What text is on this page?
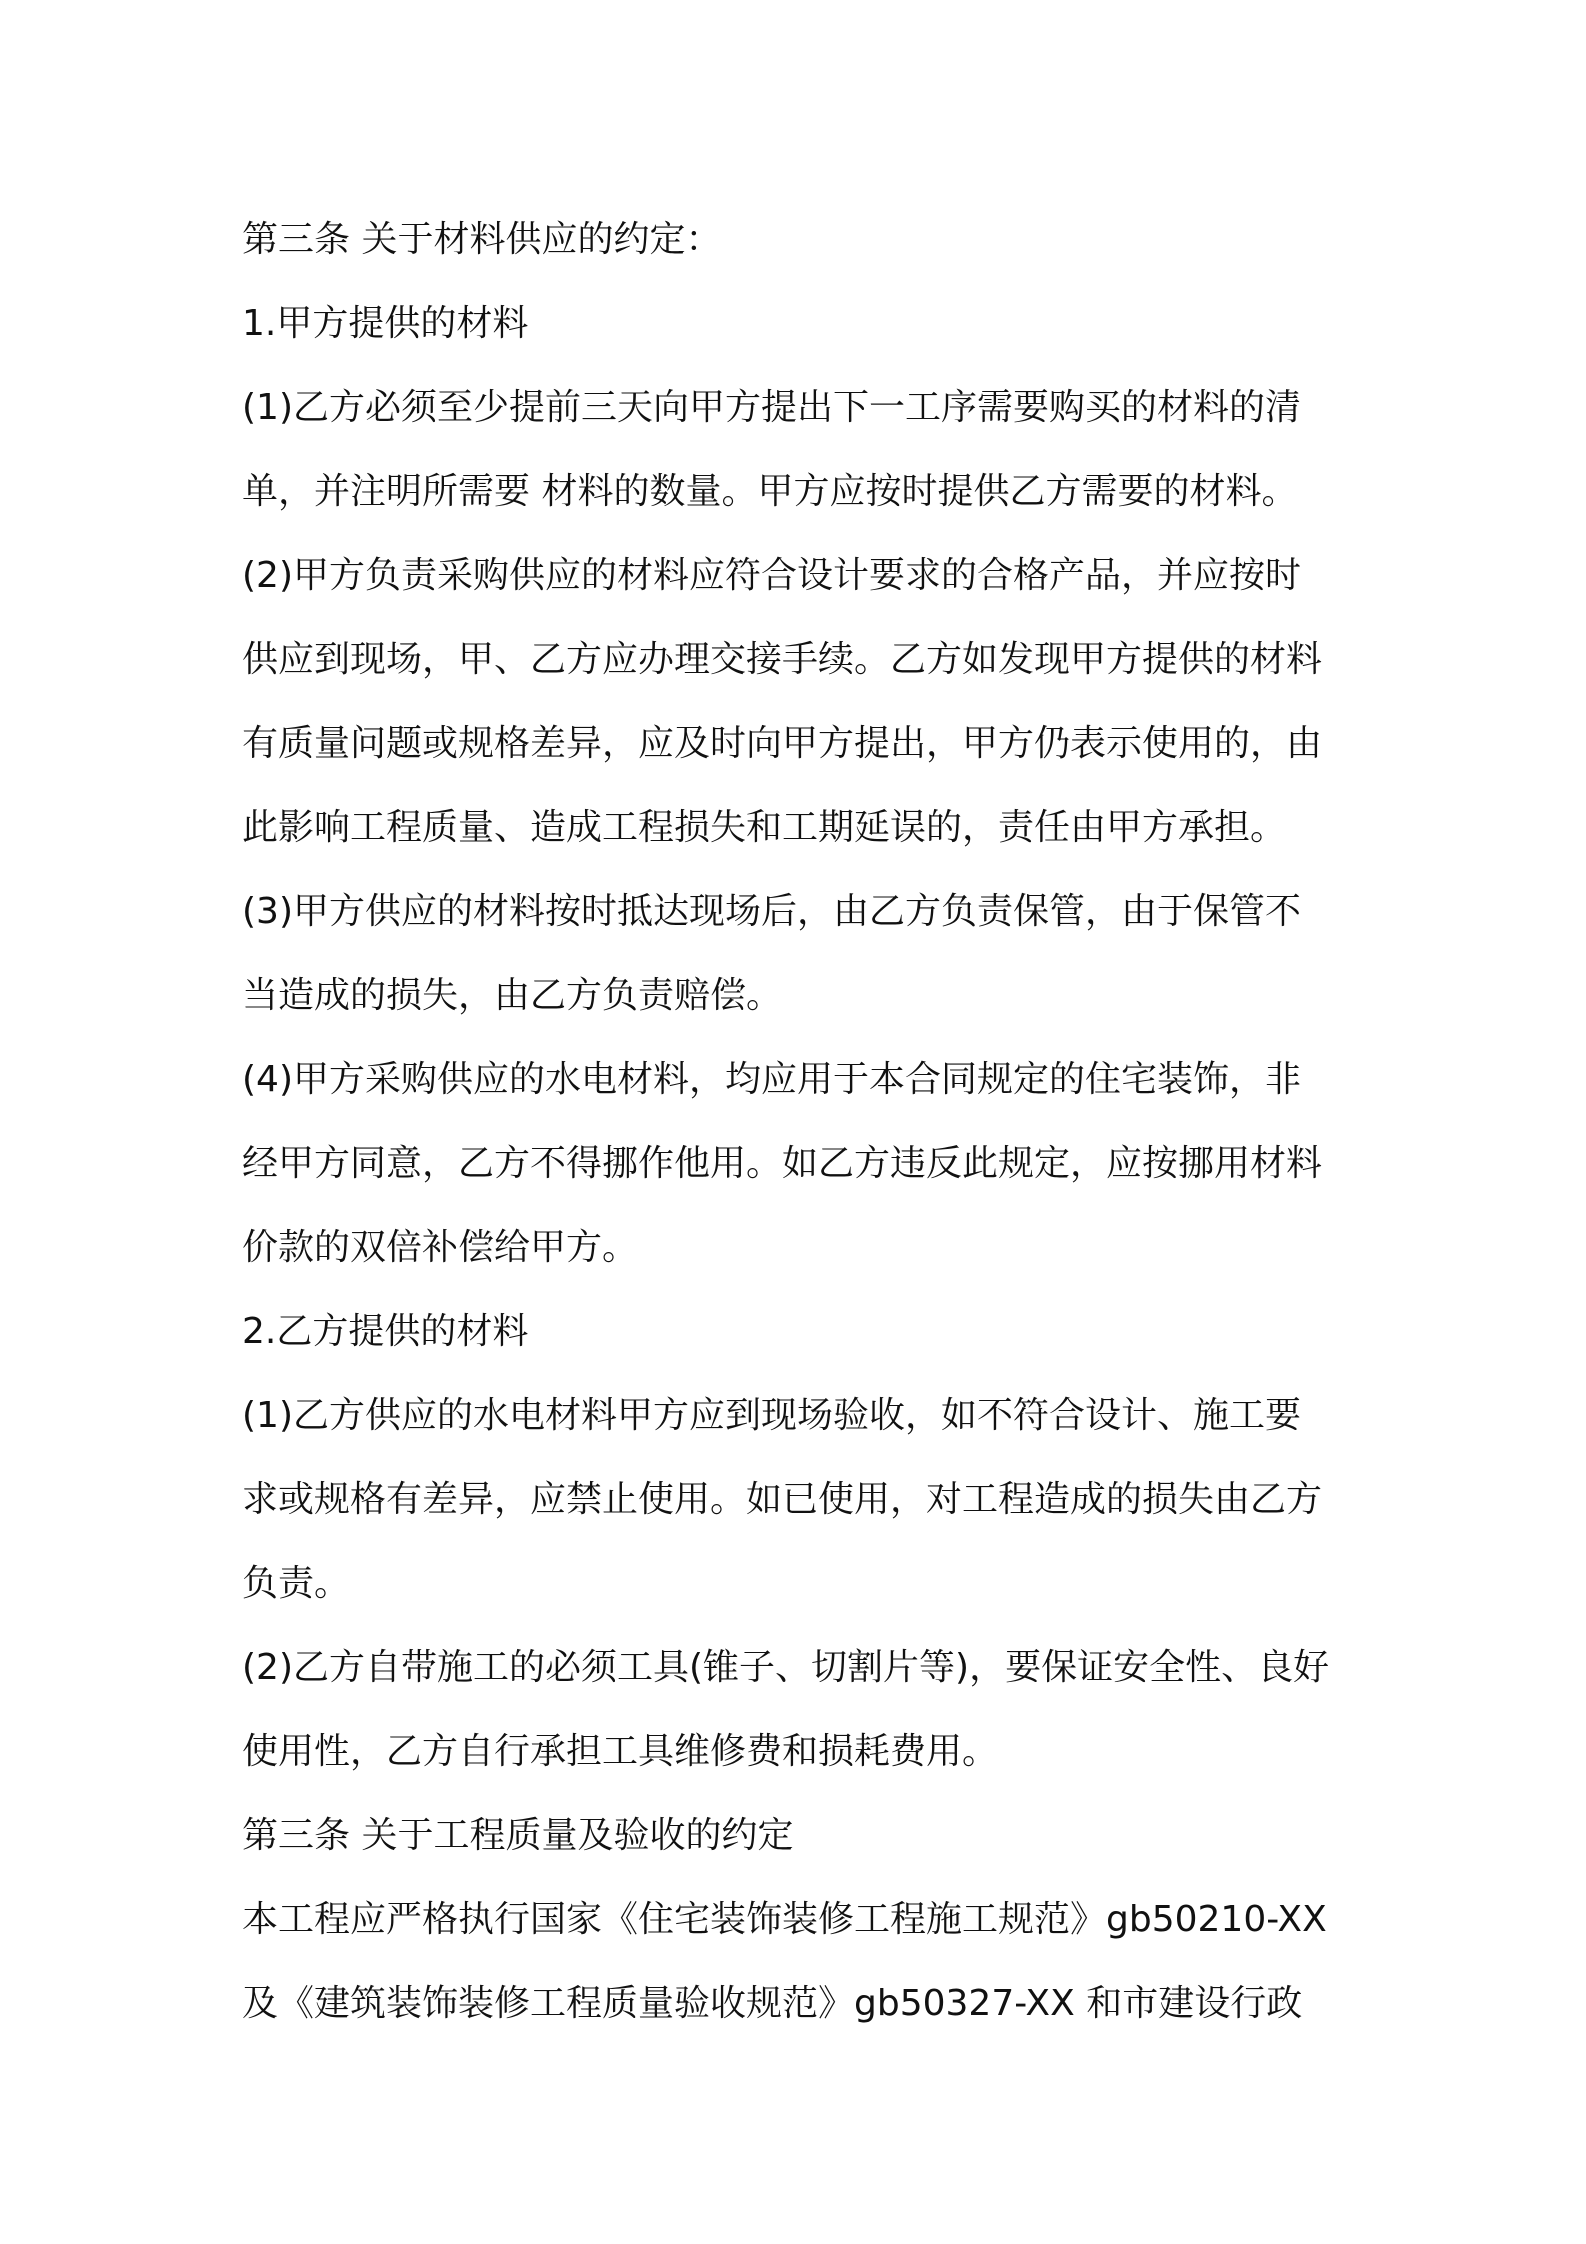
第三条 关于材料供应的约定：
1.甲方提供的材料
(1)乙方必须至少提前三天向甲方提出下一工序需要购买的材料的清
单，并注明所需要 材料的数量。甲方应按时提供乙方需要的材料。
(2)甲方负责采购供应的材料应符合设计要求的合格产品，并应按时
供应到现场，甲、乙方应办理交接手续。乙方如发现甲方提供的材料
有质量问题或规格差异，应及时向甲方提出，甲方仍表示使用的，由
此影响工程质量、造成工程损失和工期延误的，责任由甲方承担。
(3)甲方供应的材料按时抵达现场后，由乙方负责保管，由于保管不
当造成的损失，由乙方负责赔偿。
(4)甲方采购供应的水电材料，均应用于本合同规定的住宅装饰，非
经甲方同意，乙方不得挪作他用。如乙方违反此规定，应按挪用材料
价款的双倍补偿给甲方。
2.乙方提供的材料
(1)乙方供应的水电材料甲方应到现场验收，如不符合设计、施工要
求或规格有差异，应禁止使用。如已使用，对工程造成的损失由乙方
负责。
(2)乙方自带施工的必须工具(锥子、切割片等)，要保证安全性、良好
使用性，乙方自行承担工具维修费和损耗费用。
第三条 关于工程质量及验收的约定
本工程应严格执行国家《住宅装饰装修工程施工规范》gb50210-XX
及《建筑装饰装修工程质量验收规范》gb50327-XX 和市建设行政
